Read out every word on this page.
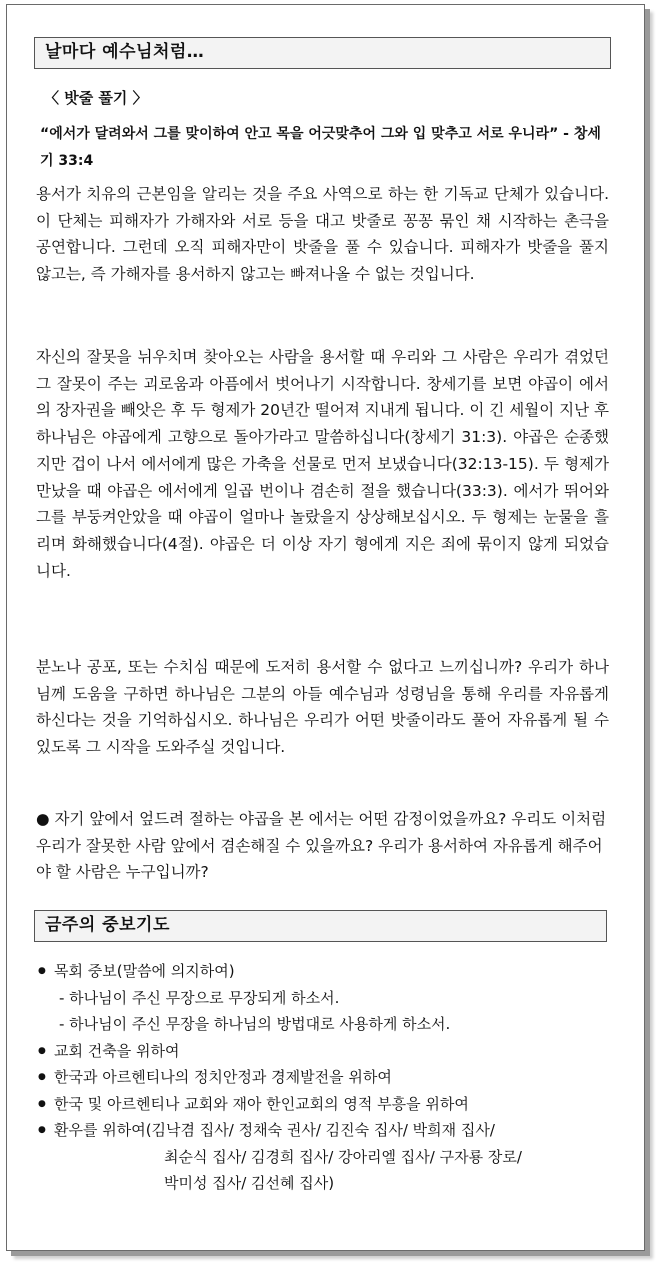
날마다 예수님처럼…
〈 밧줄 풀기 〉
“에서가 달려와서 그를 맞이하여 안고 목을 어긋맞추어 그와 입 맞추고 서로 우니라” - 창세기 33:4

용서가 치유의 근본임을 알리는 것을 주요 사역으로 하는 한 기독교 단체가 있습니다. 이 단체는 피해자가 가해자와 서로 등을 대고 밧줄로 꽁꽁 묶인 채 시작하는 촌극을 공연합니다. 그런데 오직 피해자만이 밧줄을 풀 수 있습니다. 피해자가 밧줄을 풀지 않고는, 즉 가해자를 용서하지 않고는 빠져나올 수 없는 것입니다.

자신의 잘못을 뉘우치며 찾아오는 사람을 용서할 때 우리와 그 사람은 우리가 겪었던 그 잘못이 주는 괴로움과 아픔에서 벗어나기 시작합니다. 창세기를 보면 야곱이 에서의 장자권을 빼앗은 후 두 형제가 20년간 떨어져 지내게 됩니다. 이 긴 세월이 지난 후 하나님은 야곱에게 고향으로 돌아가라고 말씀하십니다(창세기 31:3). 야곱은 순종했지만 겁이 나서 에서에게 많은 가축을 선물로 먼저 보냈습니다(32:13-15). 두 형제가 만났을 때 야곱은 에서에게 일곱 번이나 겸손히 절을 했습니다(33:3). 에서가 뛰어와 그를 부둥켜안았을 때 야곱이 얼마나 놀랐을지 상상해보십시오. 두 형제는 눈물을 흘리며 화해했습니다(4절). 야곱은 더 이상 자기 형에게 지은 죄에 묶이지 않게 되었습니다.

분노나 공포, 또는 수치심 때문에 도저히 용서할 수 없다고 느끼십니까? 우리가 하나님께 도움을 구하면 하나님은 그분의 아들 예수님과 성령님을 통해 우리를 자유롭게 하신다는 것을 기억하십시오. 하나님은 우리가 어떤 밧줄이라도 풀어 자유롭게 될 수 있도록 그 시작을 도와주실 것입니다.

● 자기 앞에서 엎드려 절하는 야곱을 본 에서는 어떤 감정이었을까요? 우리도 이처럼 우리가 잘못한 사람 앞에서 겸손해질 수 있을까요? 우리가 용서하여 자유롭게 해주어야 할 사람은 누구입니까?

금주의 중보기도
● 목회 중보(말씀에 의지하여)
- 하나님이 주신 무장으로 무장되게 하소서.
- 하나님이 주신 무장을 하나님의 방법대로 사용하게 하소서.
● 교회 건축을 위하여
● 한국과 아르헨티나의 정치안정과 경제발전을 위하여
● 한국 및 아르헨티나 교회와 재아 한인교회의 영적 부흥을 위하여
● 환우를 위하여(김낙겸 집사/ 정채숙 권사/ 김진숙 집사/ 박희재 집사/
최순식 집사/ 김경희 집사/ 강아리엘 집사/ 구자룡 장로/
박미성 집사/ 김선혜 집사)
